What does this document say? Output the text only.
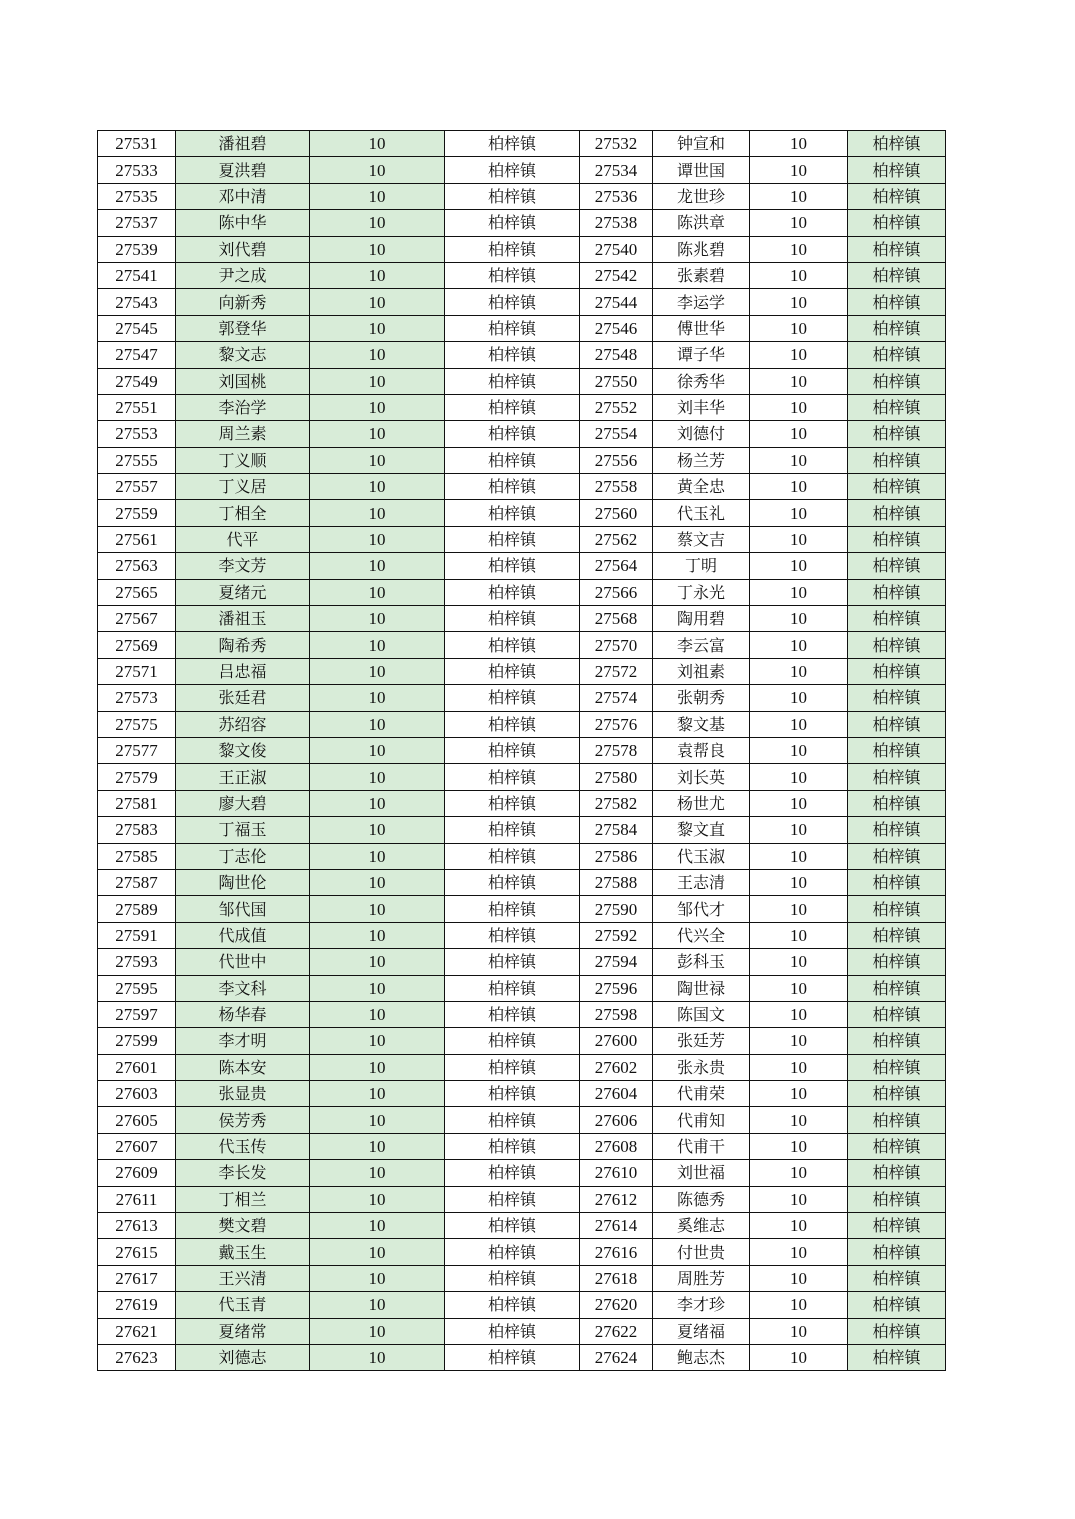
27531	潘祖碧	10	柏梓镇	27532	钟宣和	10	柏梓镇
27533	夏洪碧	10	柏梓镇	27534	谭世国	10	柏梓镇
27535	邓中清	10	柏梓镇	27536	龙世珍	10	柏梓镇
27537	陈中华	10	柏梓镇	27538	陈洪章	10	柏梓镇
27539	刘代碧	10	柏梓镇	27540	陈兆碧	10	柏梓镇
27541	尹之成	10	柏梓镇	27542	张素碧	10	柏梓镇
27543	向新秀	10	柏梓镇	27544	李运学	10	柏梓镇
27545	郭登华	10	柏梓镇	27546	傅世华	10	柏梓镇
27547	黎文志	10	柏梓镇	27548	谭子华	10	柏梓镇
27549	刘国桃	10	柏梓镇	27550	徐秀华	10	柏梓镇
27551	李治学	10	柏梓镇	27552	刘丰华	10	柏梓镇
27553	周兰素	10	柏梓镇	27554	刘德付	10	柏梓镇
27555	丁义顺	10	柏梓镇	27556	杨兰芳	10	柏梓镇
27557	丁义居	10	柏梓镇	27558	黄全忠	10	柏梓镇
27559	丁相全	10	柏梓镇	27560	代玉礼	10	柏梓镇
27561	代平	10	柏梓镇	27562	蔡文吉	10	柏梓镇
27563	李文芳	10	柏梓镇	27564	丁明	10	柏梓镇
27565	夏绪元	10	柏梓镇	27566	丁永光	10	柏梓镇
27567	潘祖玉	10	柏梓镇	27568	陶用碧	10	柏梓镇
27569	陶希秀	10	柏梓镇	27570	李云富	10	柏梓镇
27571	吕忠福	10	柏梓镇	27572	刘祖素	10	柏梓镇
27573	张廷君	10	柏梓镇	27574	张朝秀	10	柏梓镇
27575	苏绍容	10	柏梓镇	27576	黎文基	10	柏梓镇
27577	黎文俊	10	柏梓镇	27578	袁帮良	10	柏梓镇
27579	王正淑	10	柏梓镇	27580	刘长英	10	柏梓镇
27581	廖大碧	10	柏梓镇	27582	杨世尤	10	柏梓镇
27583	丁福玉	10	柏梓镇	27584	黎文直	10	柏梓镇
27585	丁志伦	10	柏梓镇	27586	代玉淑	10	柏梓镇
27587	陶世伦	10	柏梓镇	27588	王志清	10	柏梓镇
27589	邹代国	10	柏梓镇	27590	邹代才	10	柏梓镇
27591	代成值	10	柏梓镇	27592	代兴全	10	柏梓镇
27593	代世中	10	柏梓镇	27594	彭科玉	10	柏梓镇
27595	李文科	10	柏梓镇	27596	陶世禄	10	柏梓镇
27597	杨华春	10	柏梓镇	27598	陈国文	10	柏梓镇
27599	李才明	10	柏梓镇	27600	张廷芳	10	柏梓镇
27601	陈本安	10	柏梓镇	27602	张永贵	10	柏梓镇
27603	张显贵	10	柏梓镇	27604	代甫荣	10	柏梓镇
27605	侯芳秀	10	柏梓镇	27606	代甫知	10	柏梓镇
27607	代玉传	10	柏梓镇	27608	代甫干	10	柏梓镇
27609	李长发	10	柏梓镇	27610	刘世福	10	柏梓镇
27611	丁相兰	10	柏梓镇	27612	陈德秀	10	柏梓镇
27613	樊文碧	10	柏梓镇	27614	奚维志	10	柏梓镇
27615	戴玉生	10	柏梓镇	27616	付世贵	10	柏梓镇
27617	王兴清	10	柏梓镇	27618	周胜芳	10	柏梓镇
27619	代玉青	10	柏梓镇	27620	李才珍	10	柏梓镇
27621	夏绪常	10	柏梓镇	27622	夏绪福	10	柏梓镇
27623	刘德志	10	柏梓镇	27624	鲍志杰	10	柏梓镇
